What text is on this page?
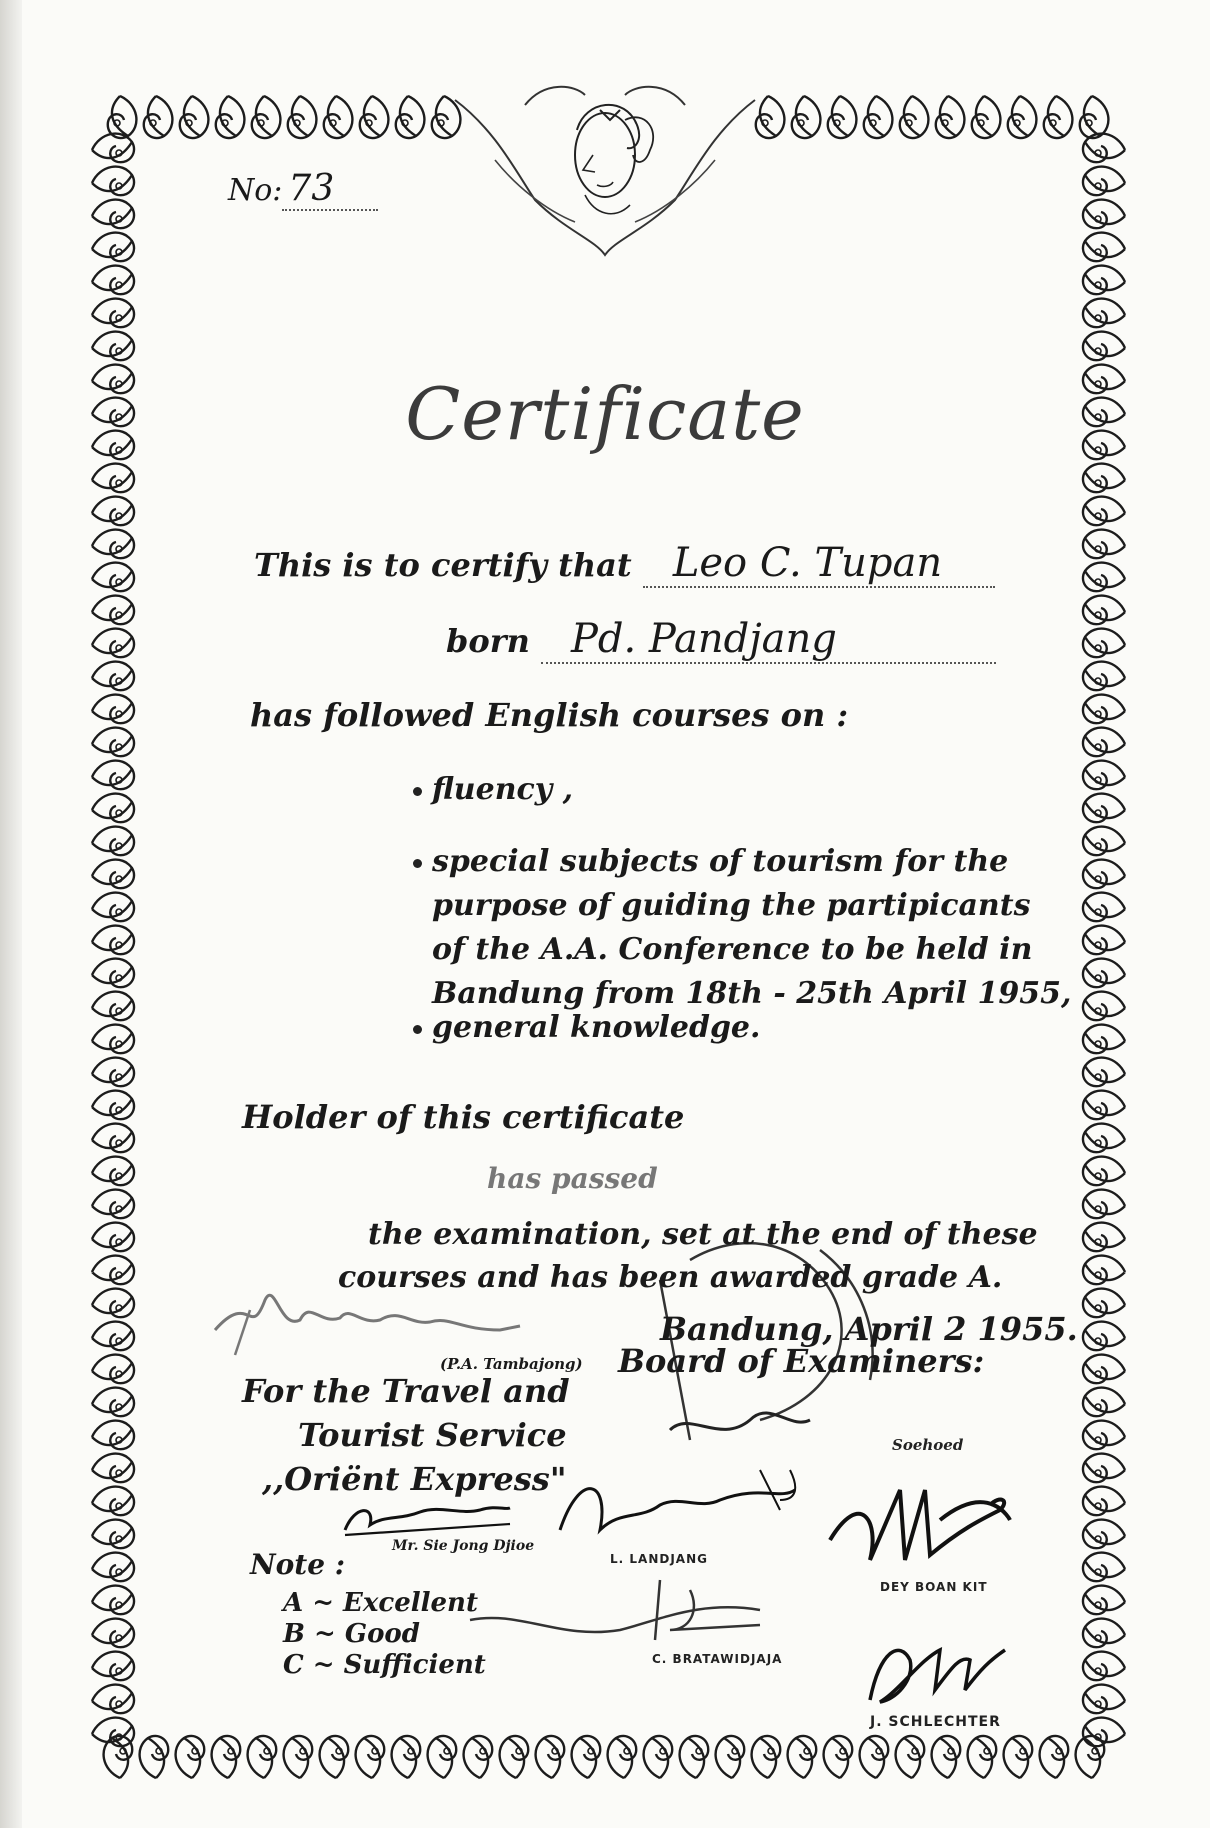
No: 73
Certificate
This is to certify that Leo C. Tupan
born Pd. Pandjang
has followed English courses on :
fluency ,
special subjects of tourism for the
purpose of guiding the partipicants
of the A.A. Conference to be held in
Bandung from 18th - 25th April 1955,
general knowledge.
Holder of this certificate
has passed
the examination, set at the end of these
courses and has been awarded grade A.
Bandung, April 2 1955.
Board of Examiners:
(P.A. Tambajong)
For the Travel and
Tourist Service
,,Oriënt Express"
Mr. Sie Jong Djioe
Note :
A ~ Excellent
B ~ Good
C ~ Sufficient
Soehoed
L. LANDJANG
DEY BOAN KIT
C. BRATAWIDJAJA
J. SCHLECHTER
